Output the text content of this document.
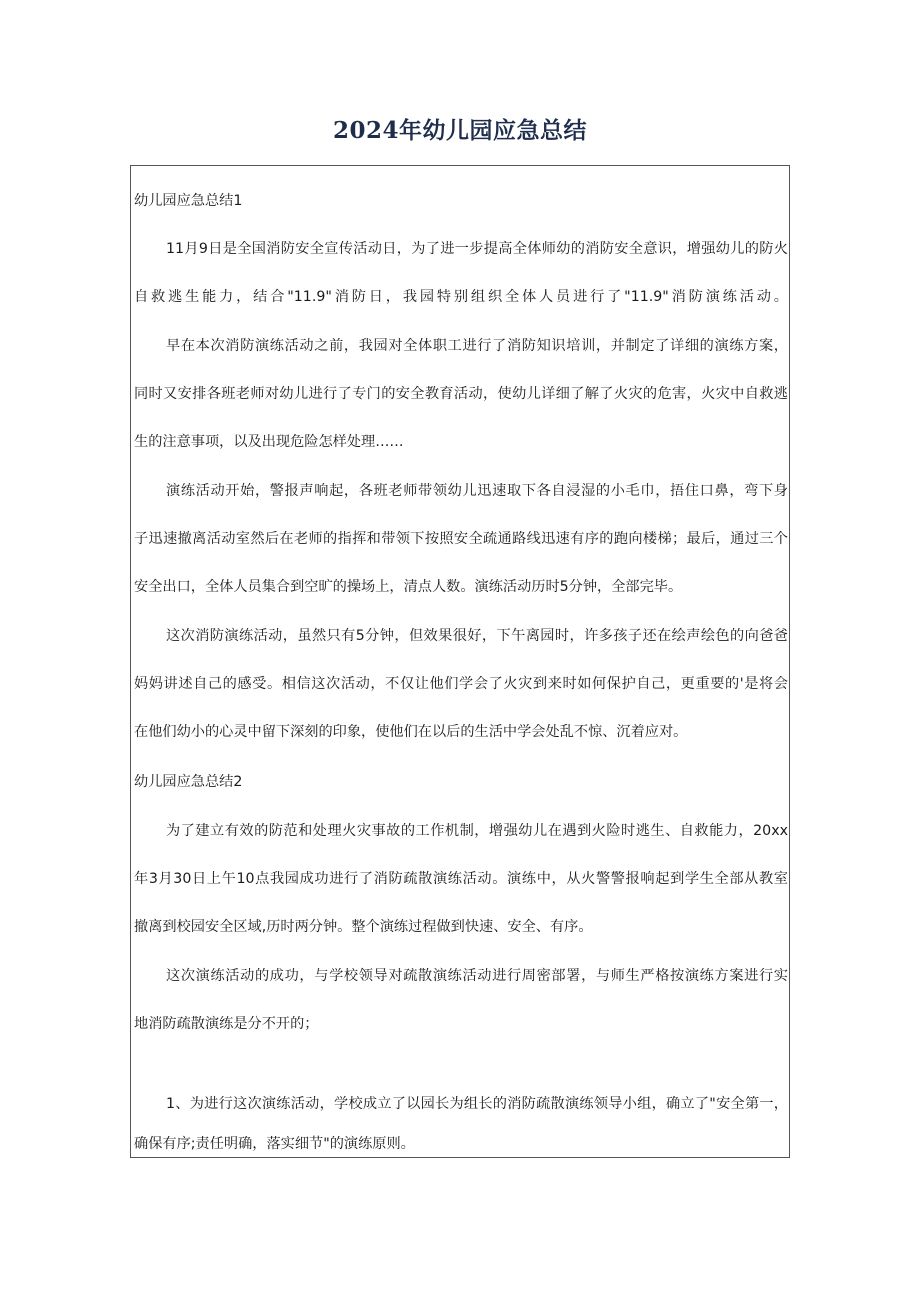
2024年幼儿园应急总结
幼儿园应急总结1
11月9日是全国消防安全宣传活动日，为了进一步提高全体师幼的消防安全意识，增强幼儿的防火
自救逃生能力，结合"11.9"消防日，我园特别组织全体人员进行了"11.9"消防演练活动。
早在本次消防演练活动之前，我园对全体职工进行了消防知识培训，并制定了详细的演练方案，
同时又安排各班老师对幼儿进行了专门的安全教育活动，使幼儿详细了解了火灾的危害，火灾中自救逃
生的注意事项，以及出现危险怎样处理……
演练活动开始，警报声响起，各班老师带领幼儿迅速取下各自浸湿的小毛巾，捂住口鼻，弯下身
子迅速撤离活动室然后在老师的指挥和带领下按照安全疏通路线迅速有序的跑向楼梯；最后，通过三个
安全出口，全体人员集合到空旷的操场上，清点人数。演练活动历时5分钟，全部完毕。
这次消防演练活动，虽然只有5分钟，但效果很好，下午离园时，许多孩子还在绘声绘色的向爸爸
妈妈讲述自己的感受。相信这次活动，不仅让他们学会了火灾到来时如何保护自己，更重要的'是将会
在他们幼小的心灵中留下深刻的印象，使他们在以后的生活中学会处乱不惊、沉着应对。
幼儿园应急总结2
为了建立有效的防范和处理火灾事故的工作机制，增强幼儿在遇到火险时逃生、自救能力，20xx
年3月30日上午10点我园成功进行了消防疏散演练活动。演练中，从火警警报响起到学生全部从教室
撤离到校园安全区域,历时两分钟。整个演练过程做到快速、安全、有序。
这次演练活动的成功，与学校领导对疏散演练活动进行周密部署，与师生严格按演练方案进行实
地消防疏散演练是分不开的；
1、为进行这次演练活动，学校成立了以园长为组长的消防疏散演练领导小组，确立了"安全第一，
确保有序;责任明确，落实细节"的演练原则。
